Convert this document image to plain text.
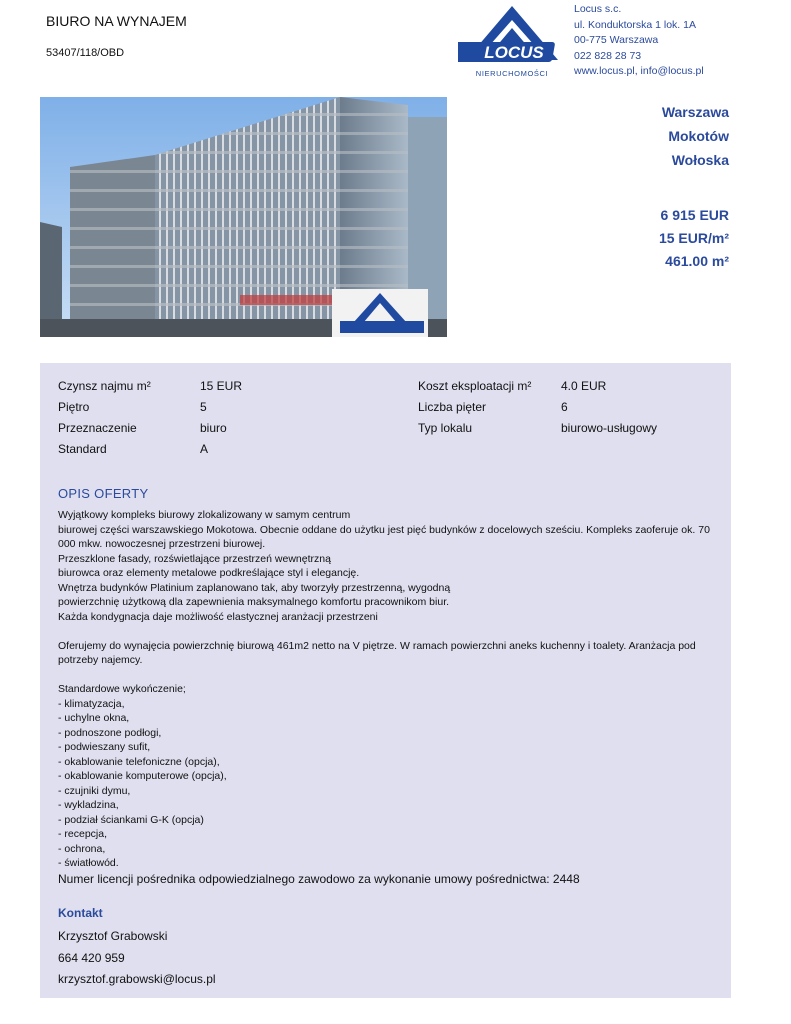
BIURO NA WYNAJEM
53407/118/OBD	LOCUS
NIERUCHOMOŚCI
Locus s.c.
ul. Konduktorska 1 lok. 1A
00-775 Warszawa
022 828 28 73
www.locus.pl, info@locus.pl
Warszawa
Mokotów
Wołoska
6 915 EUR
15 EUR/m²
461.00 m²
Czynsz najmu m²	15 EUR	Koszt eksploatacji m² 4.0 EUR
Piętro	5	Liczba pięter	6
Przeznaczenie	biuro	Typ lokalu	biurowo-usługowy
Standard	A
OPIS OFERTY

Wyjątkowy kompleks biurowy zlokalizowany w samym centrum

biurowej części warszawskiego Mokotowa. Obecnie oddane do użytku jest pięć budynków z docelowych sześciu. Kompleks zaoferuje ok. 70

000 mkw. nowoczesnej przestrzeni biurowej.

Przeszklone fasady, rozświetlające przestrzeń wewnętrzną

biurowca oraz elementy metalowe podkreślające styl i elegancję.

Wnętrza budynków Platinium zaplanowano tak, aby tworzyły przestrzenną, wygodną

powierzchnię użytkową dla zapewnienia maksymalnego komfortu pracownikom biur.

Każda kondygnacja daje możliwość elastycznej aranżacji przestrzeni

Oferujemy do wynajęcia powierzchnię biurową 461m2 netto na V piętrze. W ramach powierzchni aneks kuchenny i toalety. Aranżacja pod

potrzeby najemcy.

Standardowe wykończenie;

- klimatyzacja,

- uchylne okna,

- podnoszone podłogi,

- podwieszany sufit,

- okablowanie telefoniczne (opcja),

- okablowanie komputerowe (opcja),

- czujniki dymu,

- wykladzina,

- podział ściankami G-K (opcja)

- recepcja,

- ochrona,

- światłowód.

Numer licencji pośrednika odpowiedzialnego zawodowo za wykonanie umowy pośrednictwa: 2448
Kontakt
Krzysztof Grabowski
664 420 959
krzysztof.grabowski@locus.pl
